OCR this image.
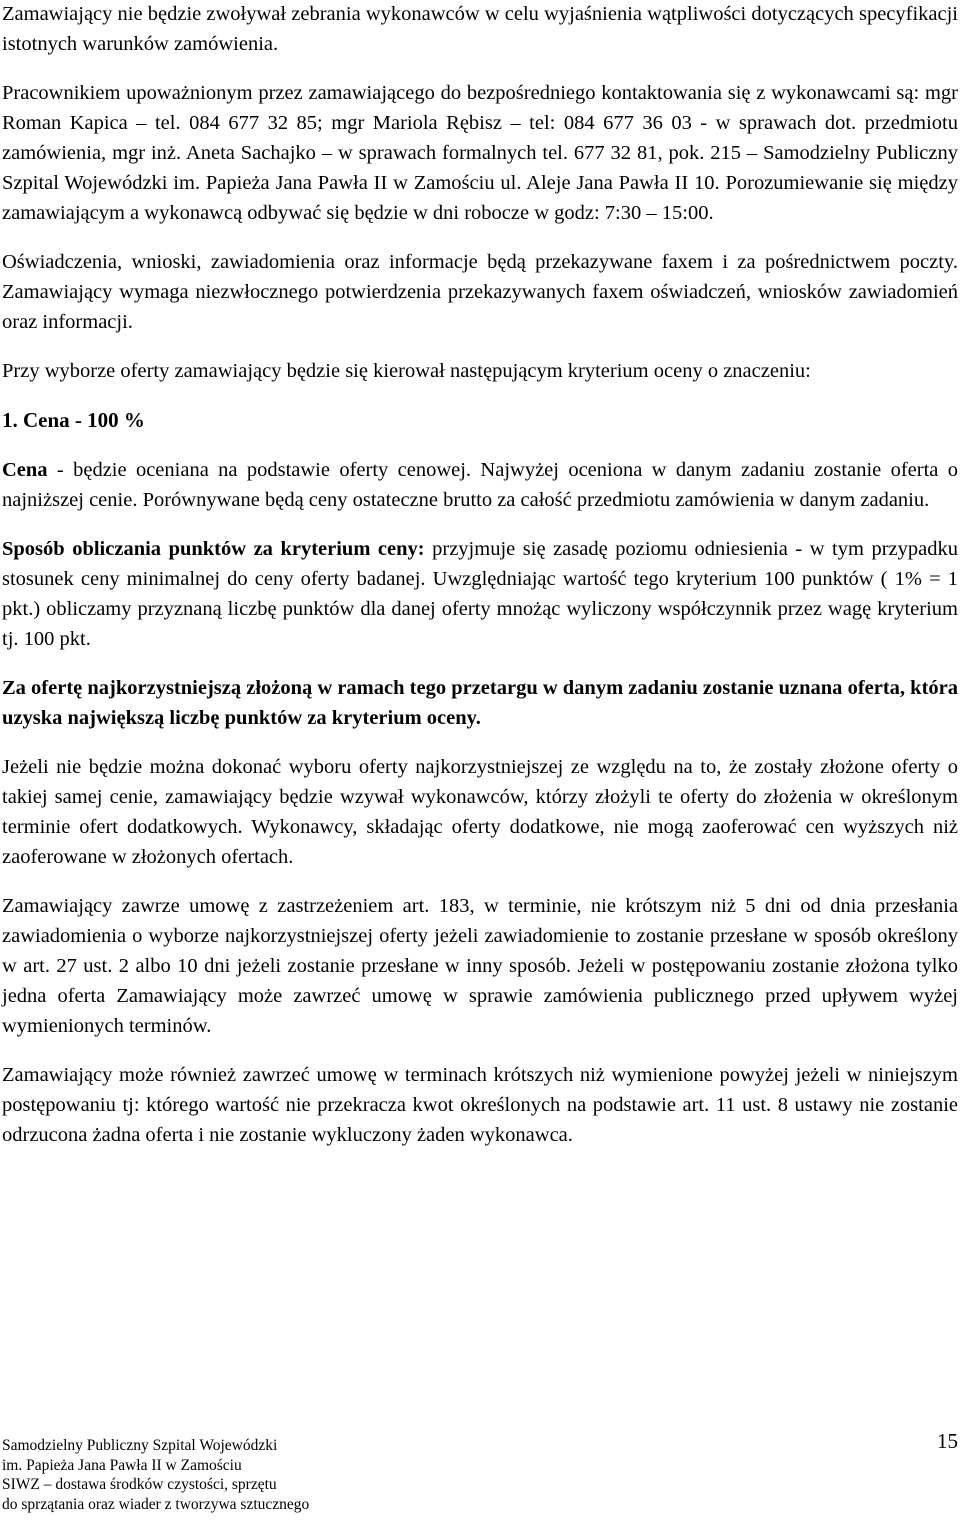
Zamawiający nie będzie zwoływał zebrania wykonawców w celu wyjaśnienia wątpliwości dotyczących specyfikacji istotnych warunków zamówienia.

Pracownikiem upoważnionym przez zamawiającego do bezpośredniego kontaktowania się z wykonawcami są: mgr Roman Kapica – tel. 084 677 32 85; mgr Mariola Rębisz – tel: 084 677 36 03 - w sprawach dot. przedmiotu zamówienia, mgr inż. Aneta Sachajko – w sprawach formalnych tel. 677 32 81, pok. 215 – Samodzielny Publiczny Szpital Wojewódzki im. Papieża Jana Pawła II w Zamościu ul. Aleje Jana Pawła II 10. Porozumiewanie się między zamawiającym a wykonawcą odbywać się będzie w dni robocze w godz: 7:30 – 15:00.

Oświadczenia, wnioski, zawiadomienia oraz informacje będą przekazywane faxem i za pośrednictwem poczty. Zamawiający wymaga niezwłocznego potwierdzenia przekazywanych faxem oświadczeń, wniosków zawiadomień oraz informacji.

Przy wyborze oferty zamawiający będzie się kierował następującym kryterium oceny o znaczeniu:

1. Cena - 100 %

Cena - będzie oceniana na podstawie oferty cenowej. Najwyżej oceniona w danym zadaniu zostanie oferta o najniższej cenie. Porównywane będą ceny ostateczne brutto za całość przedmiotu zamówienia w danym zadaniu.

Sposób obliczania punktów za kryterium ceny: przyjmuje się zasadę poziomu odniesienia - w tym przypadku stosunek ceny minimalnej do ceny oferty badanej. Uwzględniając wartość tego kryterium 100 punktów ( 1% = 1 pkt.) obliczamy przyznaną liczbę punktów dla danej oferty mnożąc wyliczony współczynnik przez wagę kryterium tj. 100 pkt.

Za ofertę najkorzystniejszą złożoną w ramach tego przetargu w danym zadaniu zostanie uznana oferta, która uzyska największą liczbę punktów za kryterium oceny.

Jeżeli nie będzie można dokonać wyboru oferty najkorzystniejszej ze względu na to, że zostały złożone oferty o takiej samej cenie, zamawiający będzie wzywał wykonawców, którzy złożyli te oferty do złożenia w określonym terminie ofert dodatkowych. Wykonawcy, składając oferty dodatkowe, nie mogą zaoferować cen wyższych niż zaoferowane w złożonych ofertach.

Zamawiający zawrze umowę z zastrzeżeniem art. 183, w terminie, nie krótszym niż 5 dni od dnia przesłania zawiadomienia o wyborze najkorzystniejszej oferty jeżeli zawiadomienie to zostanie przesłane w sposób określony w art. 27 ust. 2 albo 10 dni jeżeli zostanie przesłane w inny sposób. Jeżeli w postępowaniu zostanie złożona tylko jedna oferta Zamawiający może zawrzeć umowę w sprawie zamówienia publicznego przed upływem wyżej wymienionych terminów.

Zamawiający może również zawrzeć umowę w terminach krótszych niż wymienione powyżej jeżeli w niniejszym postępowaniu tj: którego wartość nie przekracza kwot określonych na podstawie art. 11 ust. 8 ustawy nie zostanie odrzucona żadna oferta i nie zostanie wykluczony żaden wykonawca.

Samodzielny Publiczny Szpital Wojewódzki
im. Papieża Jana Pawła II w Zamościu
SIWZ – dostawa środków czystości, sprzętu
do sprzątania oraz wiader z tworzywa sztucznego
15
